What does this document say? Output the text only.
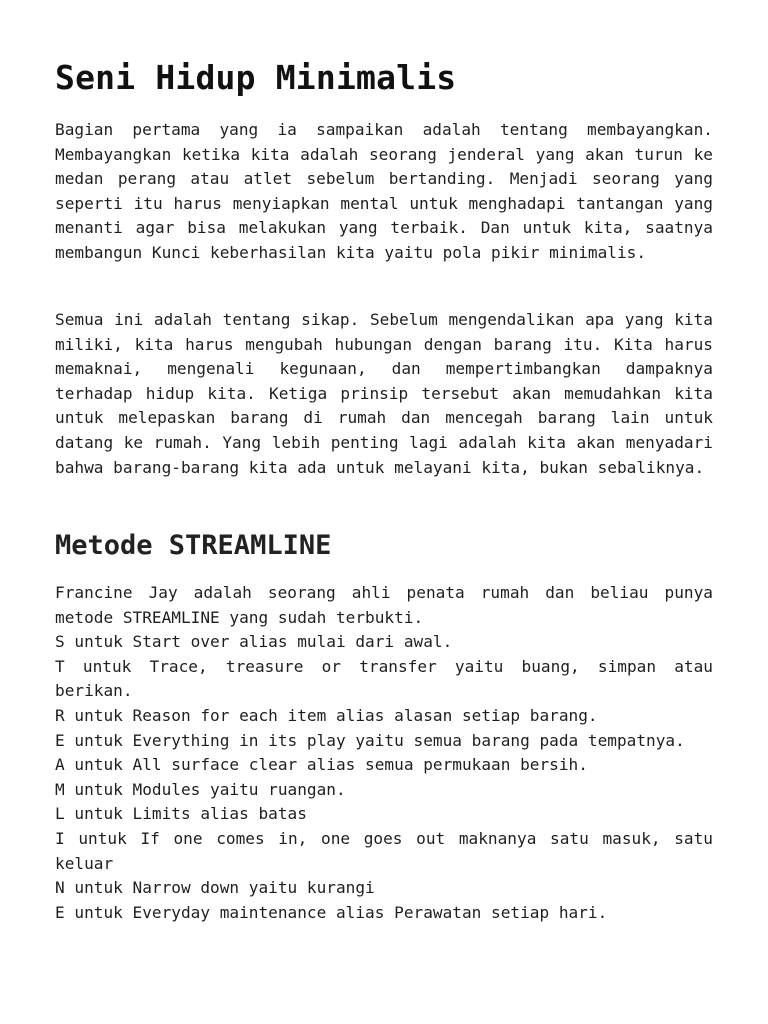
Seni Hidup Minimalis

Bagian pertama yang ia sampaikan adalah tentang membayangkan. Membayangkan ketika kita adalah seorang jenderal yang akan turun ke medan perang atau atlet sebelum bertanding. Menjadi seorang yang seperti itu harus menyiapkan mental untuk menghadapi tantangan yang menanti agar bisa melakukan yang terbaik. Dan untuk kita, saatnya membangun Kunci keberhasilan kita yaitu pola pikir minimalis.

Semua ini adalah tentang sikap. Sebelum mengendalikan apa yang kita miliki, kita harus mengubah hubungan dengan barang itu. Kita harus memaknai, mengenali kegunaan, dan mempertimbangkan dampaknya terhadap hidup kita. Ketiga prinsip tersebut akan memudahkan kita untuk melepaskan barang di rumah dan mencegah barang lain untuk datang ke rumah. Yang lebih penting lagi adalah kita akan menyadari bahwa barang-barang kita ada untuk melayani kita, bukan sebaliknya.

Metode STREAMLINE
Francine Jay adalah seorang ahli penata rumah dan beliau punya metode STREAMLINE yang sudah terbukti.
S untuk Start over alias mulai dari awal.
T untuk Trace, treasure or transfer yaitu buang, simpan atau berikan.
R untuk Reason for each item alias alasan setiap barang.
E untuk Everything in its play yaitu semua barang pada tempatnya.
A untuk All surface clear alias semua permukaan bersih.
M untuk Modules yaitu ruangan.
L untuk Limits alias batas
I untuk If one comes in, one goes out maknanya satu masuk, satu keluar
N untuk Narrow down yaitu kurangi
E untuk Everyday maintenance alias Perawatan setiap hari.
